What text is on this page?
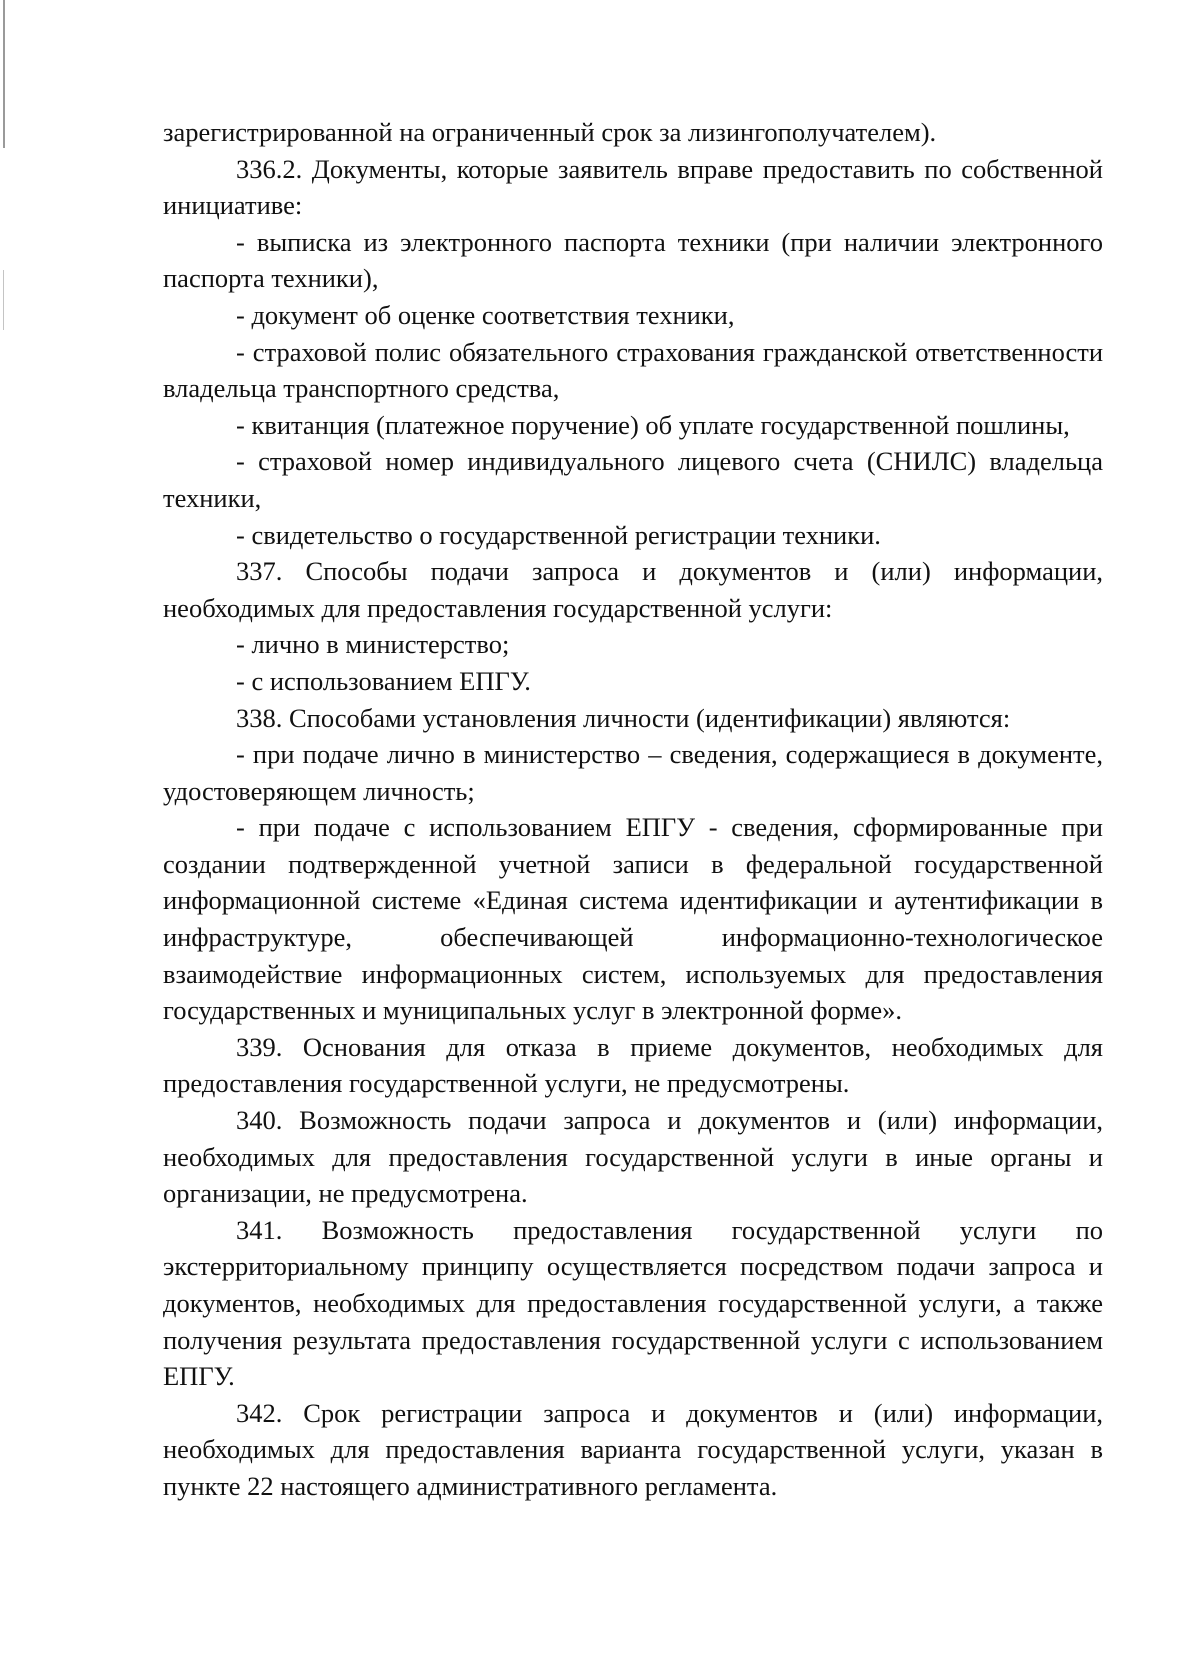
зарегистрированной на ограниченный срок за лизингополучателем).

336.2. Документы, которые заявитель вправе предоставить по собственной инициативе:

- выписка из электронного паспорта техники (при наличии электронного паспорта техники),

- документ об оценке соответствия техники,

- страховой полис обязательного страхования гражданской ответственности владельца транспортного средства,

- квитанция (платежное поручение) об уплате государственной пошлины,

- страховой номер индивидуального лицевого счета (СНИЛС) владельца техники,

- свидетельство о государственной регистрации техники.

337. Способы подачи запроса и документов и (или) информации, необходимых для предоставления государственной услуги:

- лично в министерство;

- с использованием ЕПГУ.

338. Способами установления личности (идентификации) являются:

- при подаче лично в министерство – сведения, содержащиеся в документе, удостоверяющем личность;

- при подаче с использованием ЕПГУ - сведения, сформированные при создании подтвержденной учетной записи в федеральной государственной информационной системе «Единая система идентификации и аутентификации в инфраструктуре, обеспечивающей информационно-технологическое взаимодействие информационных систем, используемых для предоставления государственных и муниципальных услуг в электронной форме».

339. Основания для отказа в приеме документов, необходимых для предоставления государственной услуги, не предусмотрены.

340. Возможность подачи запроса и документов и (или) информации, необходимых для предоставления государственной услуги в иные органы и организации, не предусмотрена.

341. Возможность предоставления государственной услуги по экстерриториальному принципу осуществляется посредством подачи запроса и документов, необходимых для предоставления государственной услуги, а также получения результата предоставления государственной услуги с использованием ЕПГУ.

342. Срок регистрации запроса и документов и (или) информации, необходимых для предоставления варианта государственной услуги, указан в пункте 22 настоящего административного регламента.
